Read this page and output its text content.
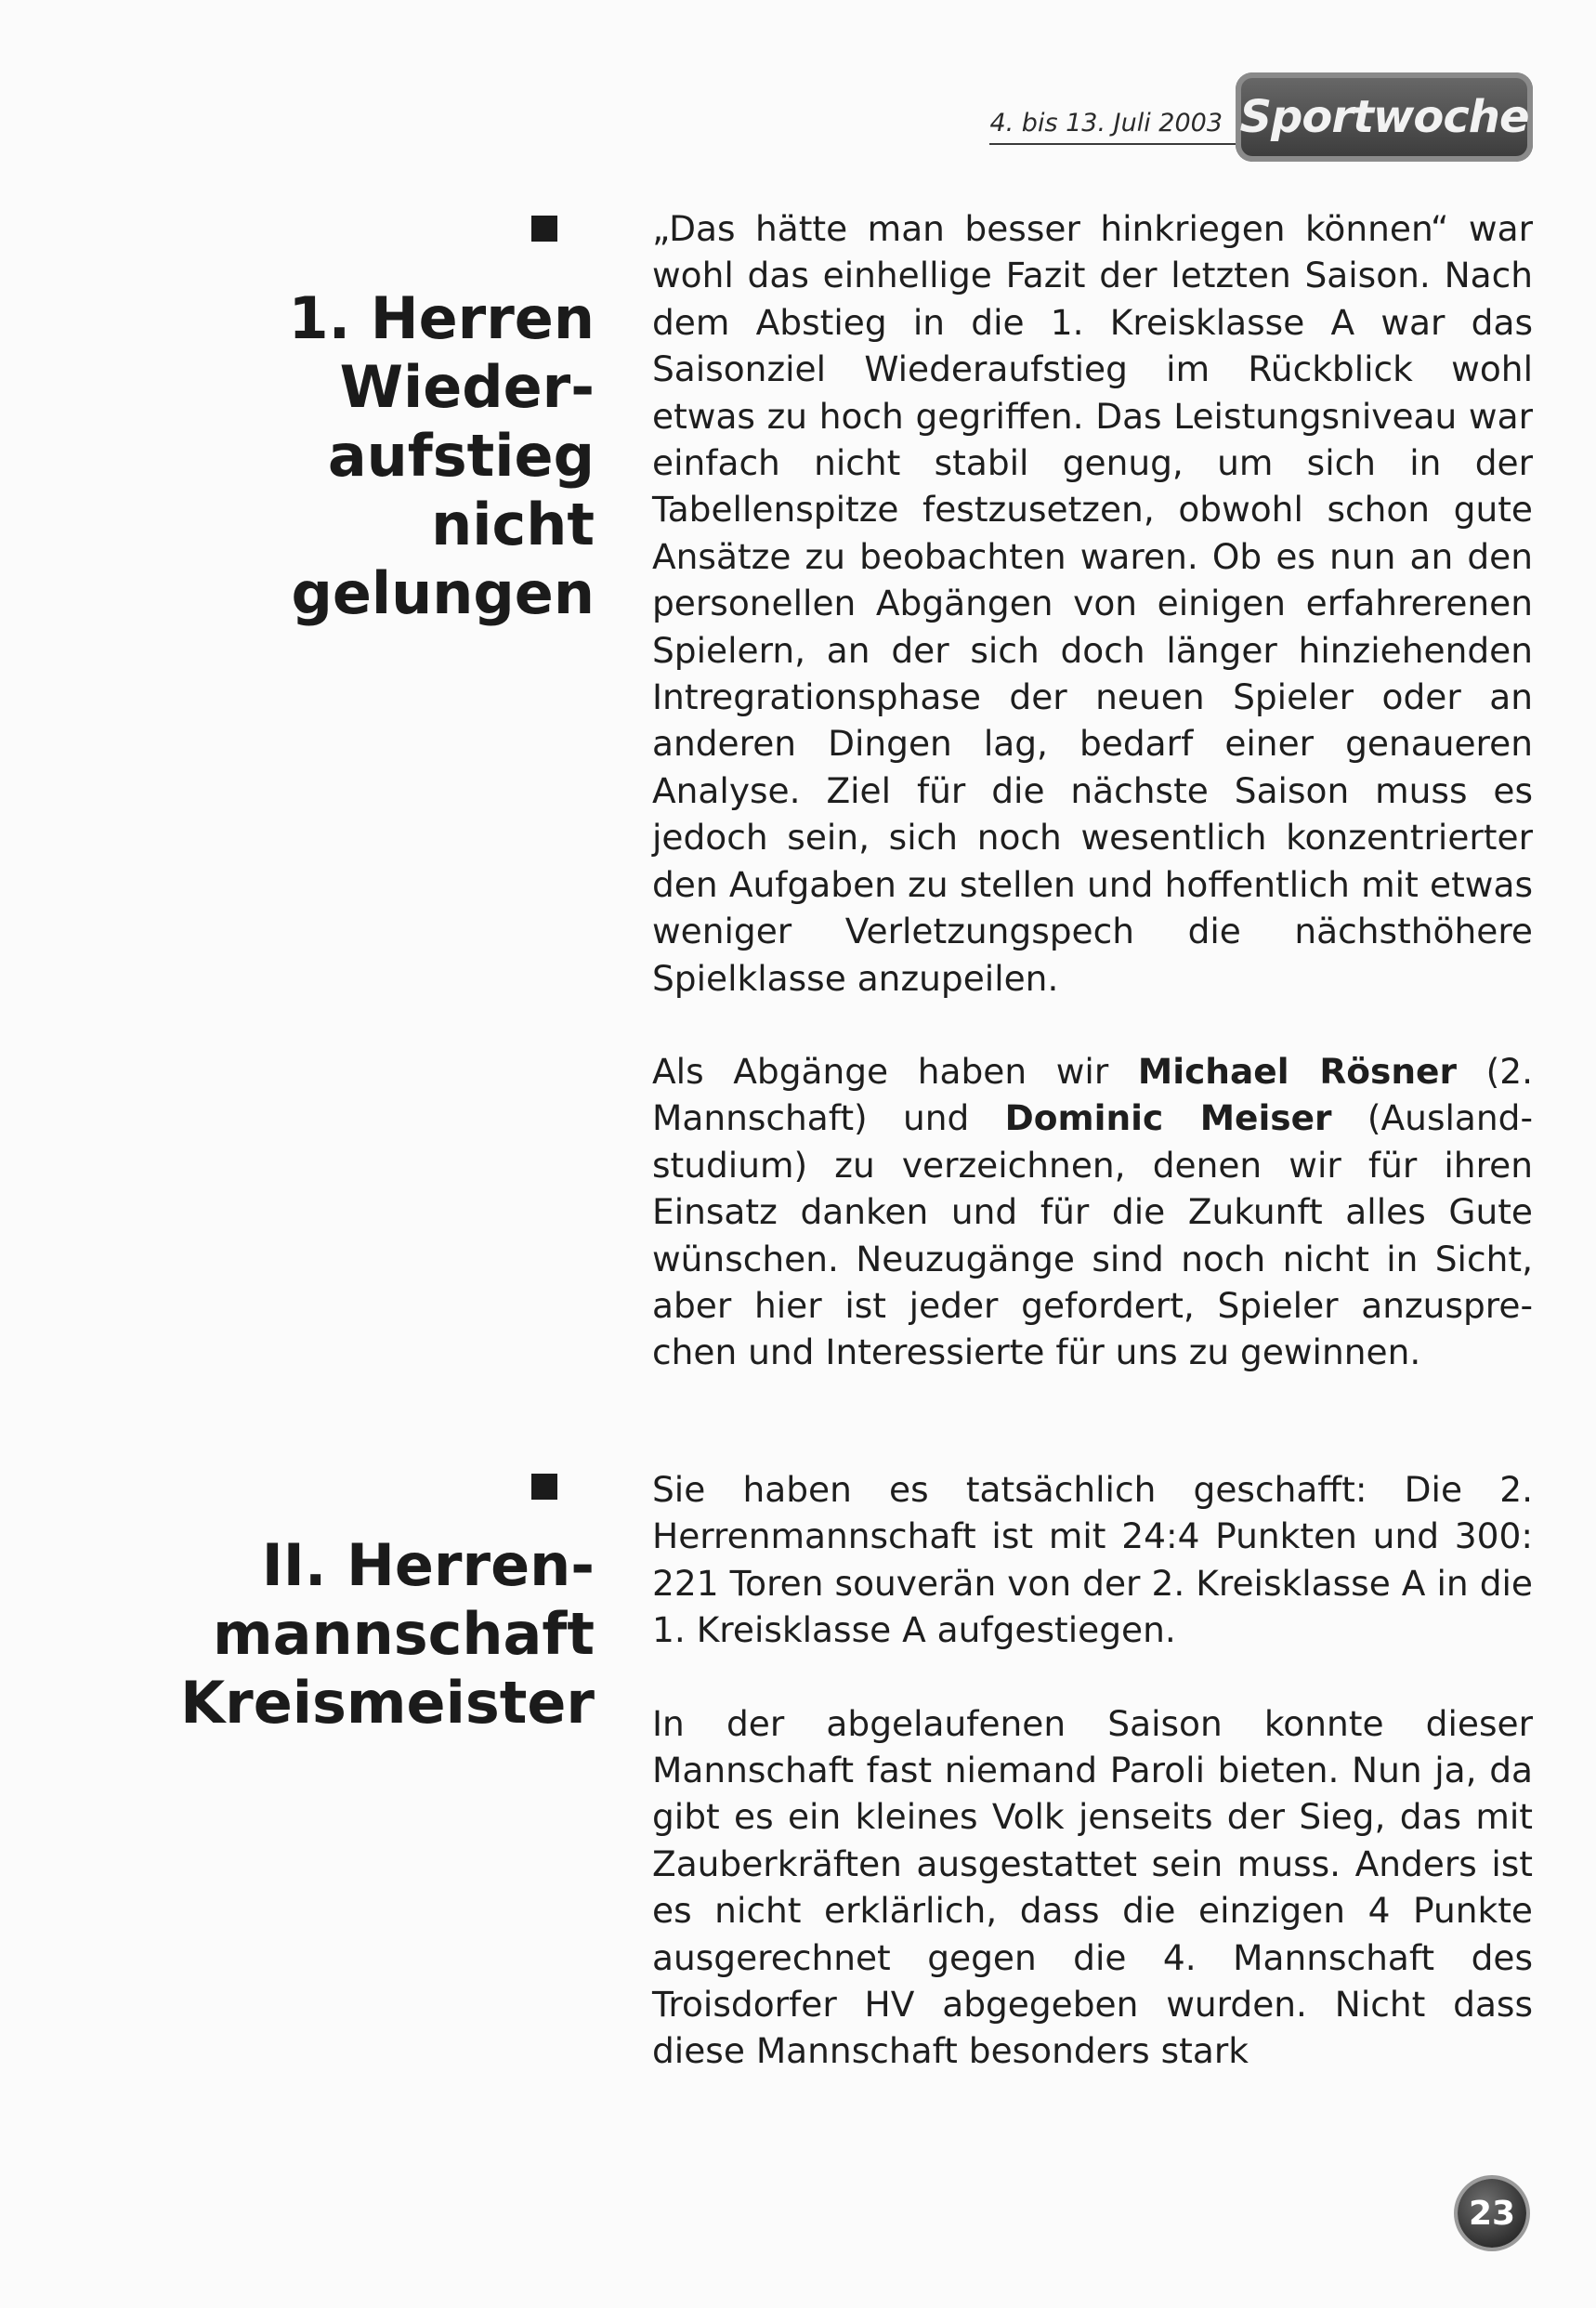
4. bis 13. Juli 2003 Sportwoche
1. Herren
Wieder-
aufstieg
nicht
gelungen

„Das hätte man besser hinkriegen können“ war wohl das einhellige Fazit der letzten Saison. Nach dem Abstieg in die 1. Kreisklasse A war das Saisonziel Wiederaufstieg im Rückblick wohl etwas zu hoch gegriffen. Das Leistungsniveau war einfach nicht stabil genug, um sich in der Tabellenspitze festzusetzen, obwohl schon gute Ansätze zu beobachten waren. Ob es nun an den personellen Abgängen von einigen erfahrerenen Spielern, an der sich doch länger hinziehenden Intregrationsphase der neuen Spieler oder an anderen Dingen lag, bedarf einer genaueren Analyse. Ziel für die nächste Saison muss es jedoch sein, sich noch wesentlich konzentrierter den Aufgaben zu stellen und hoffentlich mit etwas weniger Verletzungspech die nächsthöhere Spielklasse anzupeilen.

Als Abgänge haben wir Michael Rösner (2. Mannschaft) und Dominic Meiser (Auslandstudium) zu verzeichnen, denen wir für ihren Einsatz danken und für die Zukunft alles Gute wünschen. Neuzugänge sind noch nicht in Sicht, aber hier ist jeder gefordert, Spieler anzusprechen und Interessierte für uns zu gewinnen.

II. Herren-
mannschaft
Kreismeister

Sie haben es tatsächlich geschafft: Die 2. Herrenmannschaft ist mit 24:4 Punkten und 300: 221 Toren souverän von der 2. Kreisklasse A in die 1. Kreisklasse A aufgestiegen.

In der abgelaufenen Saison konnte dieser Mannschaft fast niemand Paroli bieten. Nun ja, da gibt es ein kleines Volk jenseits der Sieg, das mit Zauberkräften ausgestattet sein muss. Anders ist es nicht erklärlich, dass die einzigen 4 Punkte ausgerechnet gegen die 4. Mannschaft des Troisdorfer HV abgegeben wurden. Nicht dass diese Mannschaft besonders stark

23
